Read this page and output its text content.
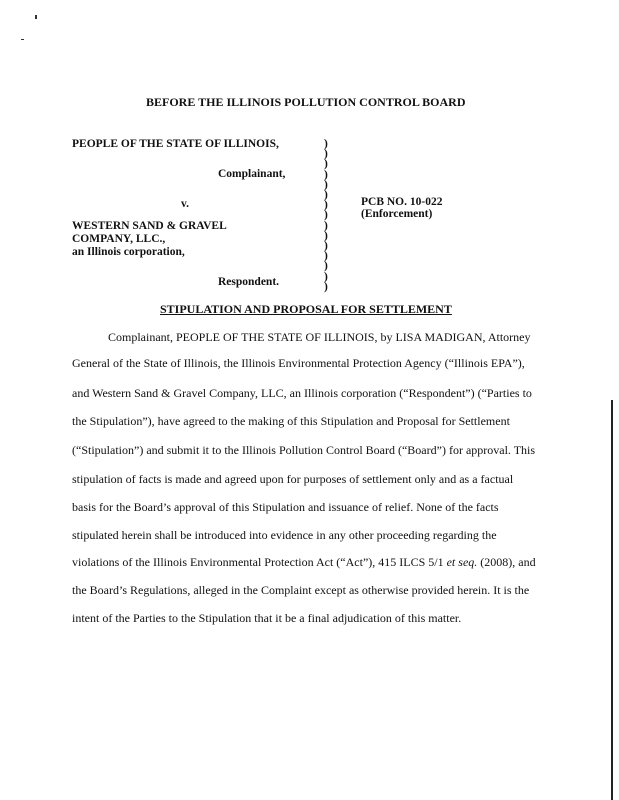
BEFORE THE ILLINOIS POLLUTION CONTROL BOARD
PEOPLE OF THE STATE OF ILLINOIS,
Complainant,
v.
WESTERN SAND & GRAVEL
COMPANY, LLC.,
an Illinois corporation,
Respondent.
)
)
)
)
)
)
)
)
)
)
)
)
)
)
)
PCB NO. 10-022
(Enforcement)
STIPULATION AND PROPOSAL FOR SETTLEMENT
Complainant, PEOPLE OF THE STATE OF ILLINOIS, by LISA MADIGAN, Attorney
General of the State of Illinois, the Illinois Environmental Protection Agency (“Illinois EPA”),
and Western Sand & Gravel Company, LLC, an Illinois corporation (“Respondent”) (“Parties to
the Stipulation”), have agreed to the making of this Stipulation and Proposal for Settlement
(“Stipulation”) and submit it to the Illinois Pollution Control Board (“Board”) for approval. This
stipulation of facts is made and agreed upon for purposes of settlement only and as a factual
basis for the Board’s approval of this Stipulation and issuance of relief. None of the facts
stipulated herein shall be introduced into evidence in any other proceeding regarding the
violations of the Illinois Environmental Protection Act (“Act”), 415 ILCS 5/1 et seq. (2008), and
the Board’s Regulations, alleged in the Complaint except as otherwise provided herein. It is the
intent of the Parties to the Stipulation that it be a final adjudication of this matter.
